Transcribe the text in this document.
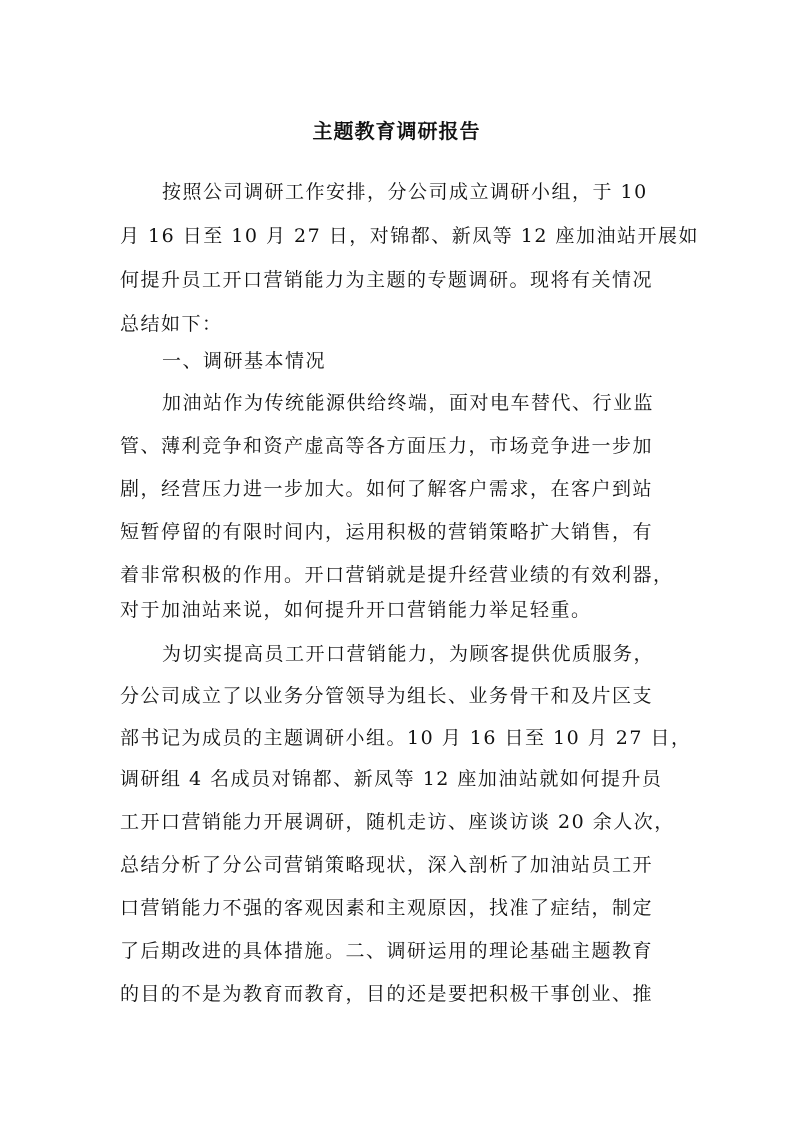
主题教育调研报告
按照公司调研工作安排，分公司成立调研小组，于 10
月 16 日至 10 月 27 日，对锦都、新凤等 12 座加油站开展如
何提升员工开口营销能力为主题的专题调研。现将有关情况
总结如下：
一、调研基本情况
加油站作为传统能源供给终端，面对电车替代、行业监
管、薄利竞争和资产虚高等各方面压力，市场竞争进一步加
剧，经营压力进一步加大。如何了解客户需求，在客户到站
短暂停留的有限时间内，运用积极的营销策略扩大销售，有
着非常积极的作用。开口营销就是提升经营业绩的有效利器，
对于加油站来说，如何提升开口营销能力举足轻重。
为切实提高员工开口营销能力，为顾客提供优质服务，
分公司成立了以业务分管领导为组长、业务骨干和及片区支
部书记为成员的主题调研小组。10 月 16 日至 10 月 27 日，
调研组 4 名成员对锦都、新凤等 12 座加油站就如何提升员
工开口营销能力开展调研，随机走访、座谈访谈 20 余人次，
总结分析了分公司营销策略现状，深入剖析了加油站员工开
口营销能力不强的客观因素和主观原因，找准了症结，制定
了后期改进的具体措施。二、调研运用的理论基础主题教育
的目的不是为教育而教育，目的还是要把积极干事创业、推
